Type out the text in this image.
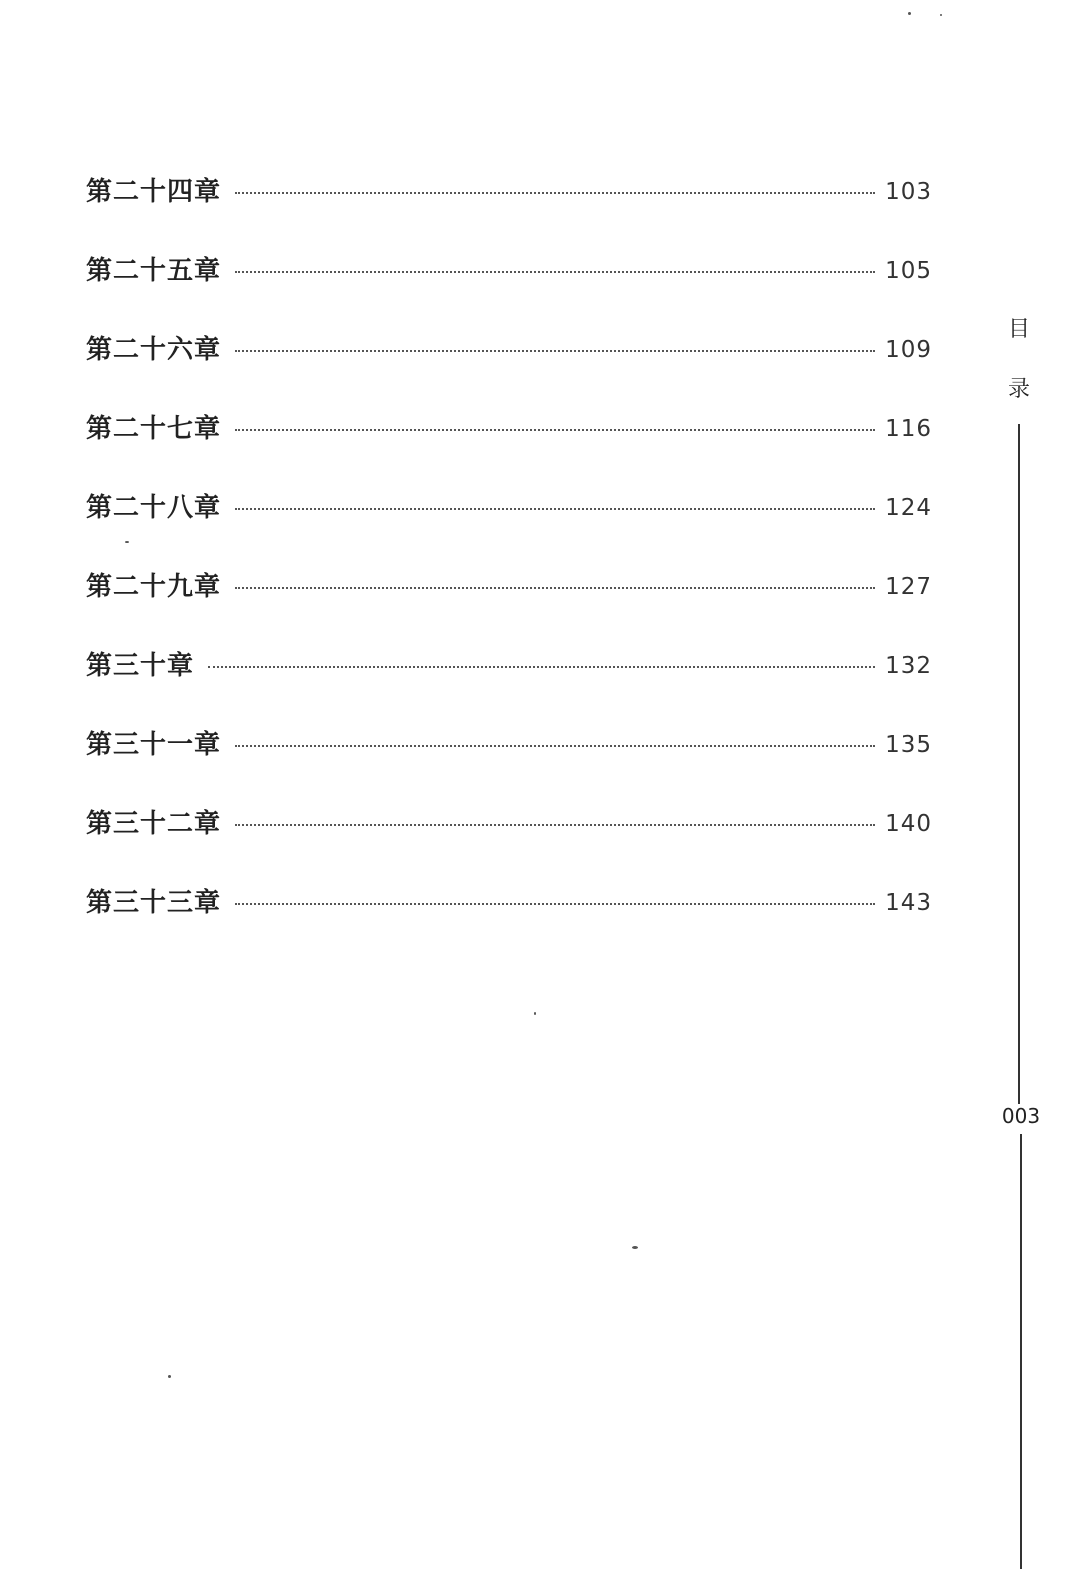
第二十四章	103
第二十五章	105
第二十六章	109
第二十七章	116
第二十八章	124
第二十九章	127
第三十章	132
第三十一章	135
第三十二章	140
第三十三章	143
目
录
003
